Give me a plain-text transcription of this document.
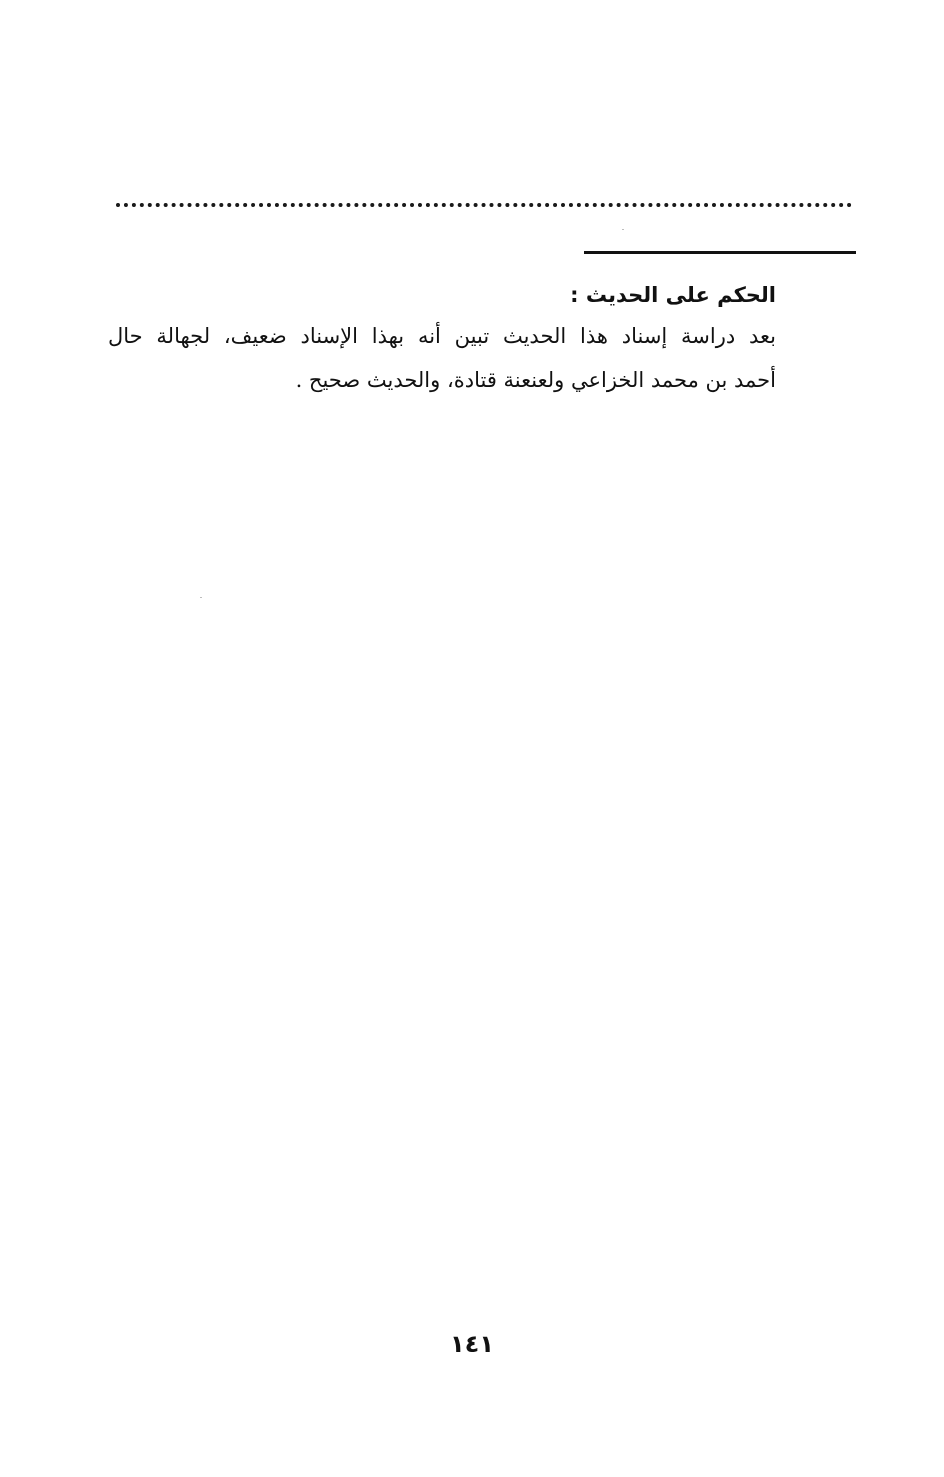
الحكم على الحديث :

بعد دراسة إسناد هذا الحديث تبين أنه بهذا الإسناد ضعيف، لجهالة حال

أحمد بن محمد الخزاعي ولعنعنة قتادة، والحديث صحيح .

١٤١
